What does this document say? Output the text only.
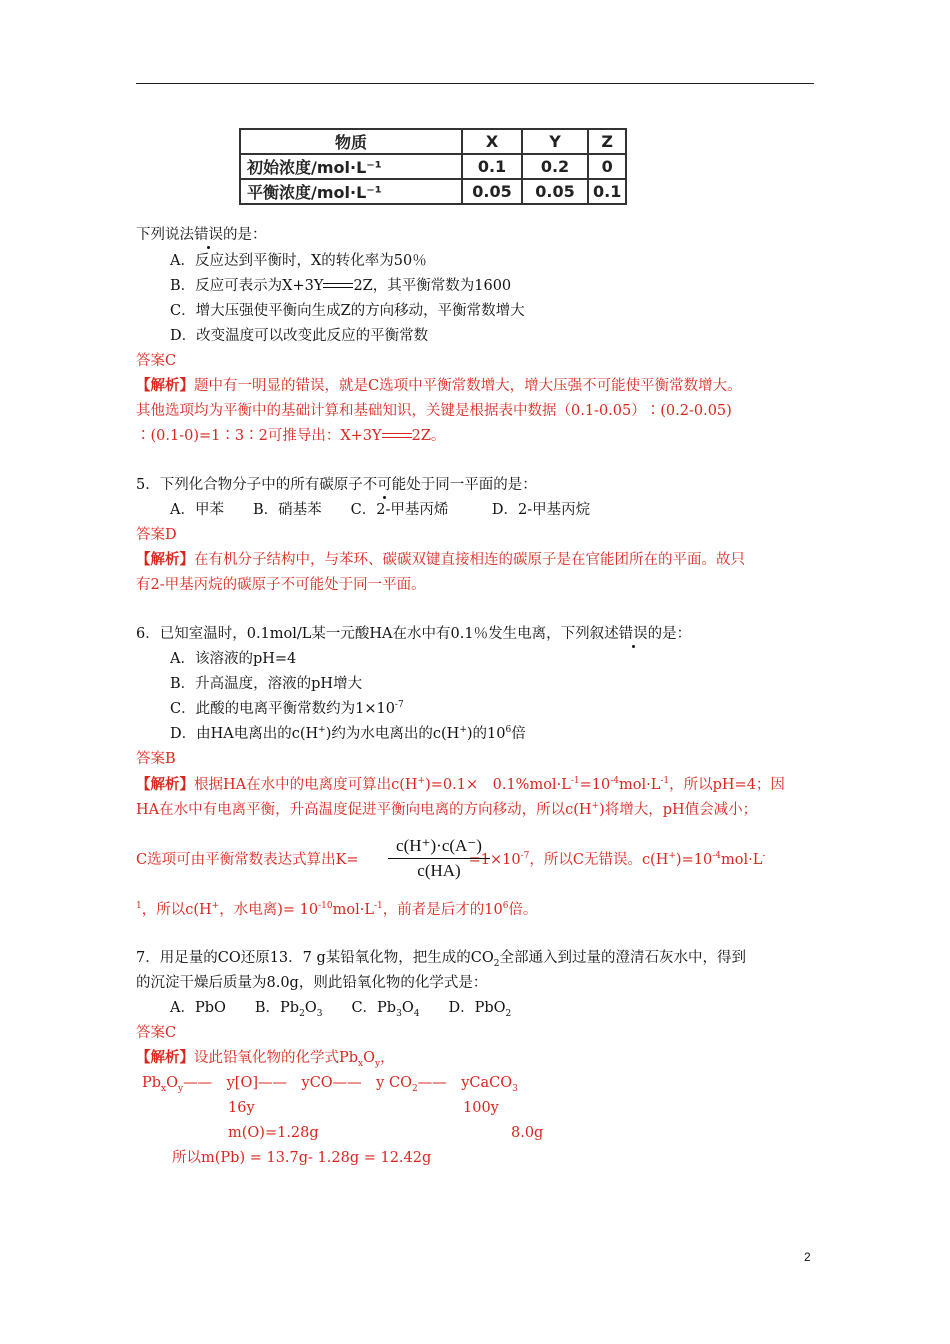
物质	X	Y	Z
初始浓度/mol·L⁻¹	0.1	0.2	0
平衡浓度/mol·L⁻¹	0.05	0.05	0.1
下列说法错误的是：
A．反应达到平衡时，X的转化率为50％
B．反应可表示为X+3Y 2Z，其平衡常数为1600
C．增大压强使平衡向生成Z的方向移动，平衡常数增大
D．改变温度可以改变此反应的平衡常数
答案C
【解析】题中有一明显的错误，就是C选项中平衡常数增大，增大压强不可能使平衡常数增大。
其他选项均为平衡中的基础计算和基础知识，关键是根据表中数据（0.1-0.05）∶(0.2-0.05)
∶(0.1-0)=1∶3∶2可推导出：X+3Y 2Z。
5．下列化合物分子中的所有碳原子不可能处于同一平面的是：
A．甲苯　　B．硝基苯　　C．2-甲基丙烯　　　D．2-甲基丙烷
答案D
【解析】在有机分子结构中，与苯环、碳碳双键直接相连的碳原子是在官能团所在的平面。故只
有2-甲基丙烷的碳原子不可能处于同一平面。
6．已知室温时，0.1mol/L某一元酸HA在水中有0.1％发生电离，下列叙述错误的是：
A．该溶液的pH=4
B．升高温度，溶液的pH增大
C．此酸的电离平衡常数约为$1\times 10^{-7}$
D．由HA电离出的c(H+)约为水电离出的c(H+)的$10^6$倍
答案B
【解析】根据HA在水中的电离度可算出c(H+)=0.1×　$0.1\%mol\cdot L^{-1}=10^{-4}mol\cdot L^{-1}$，所以pH=4；因
HA在水中有电离平衡，升高温度促进平衡向电离的方向移动，所以c(H+)将增大，pH值会减小；
C选项可由平衡常数表达式算出K=	$=1\times 10^{-7}$，所以C无错误。$c(H^+)=10^{-4}mol\cdot L^-$
c(H⁺)·c(A⁻)
c(HA)
$^1$，所以c(H+，水电离)= $10^{-10}mol\cdot L^{-1}$，前者是后才的$10^6$倍。
7．用足量的CO还原13．7 g某铅氧化物，把生成的$CO_2$全部通入到过量的澄清石灰水中，得到
的沉淀干燥后质量为8.0g，则此铅氧化物的化学式是：
A．PbO　　B．$Pb_2O_3$　　C．$Pb_3O_4$　　D．PbO$_2$
答案C
【解析】设此铅氧化物的化学式$Pb_xO_y$，
$Pb_xO_y——$　y[O]——　yCO——　y $CO_2——$　yCaCO$_3$
16y	100y
m(O)=1.28g	8.0g
所以m(Pb) = 13.7g- 1.28g = 12.42g
2
